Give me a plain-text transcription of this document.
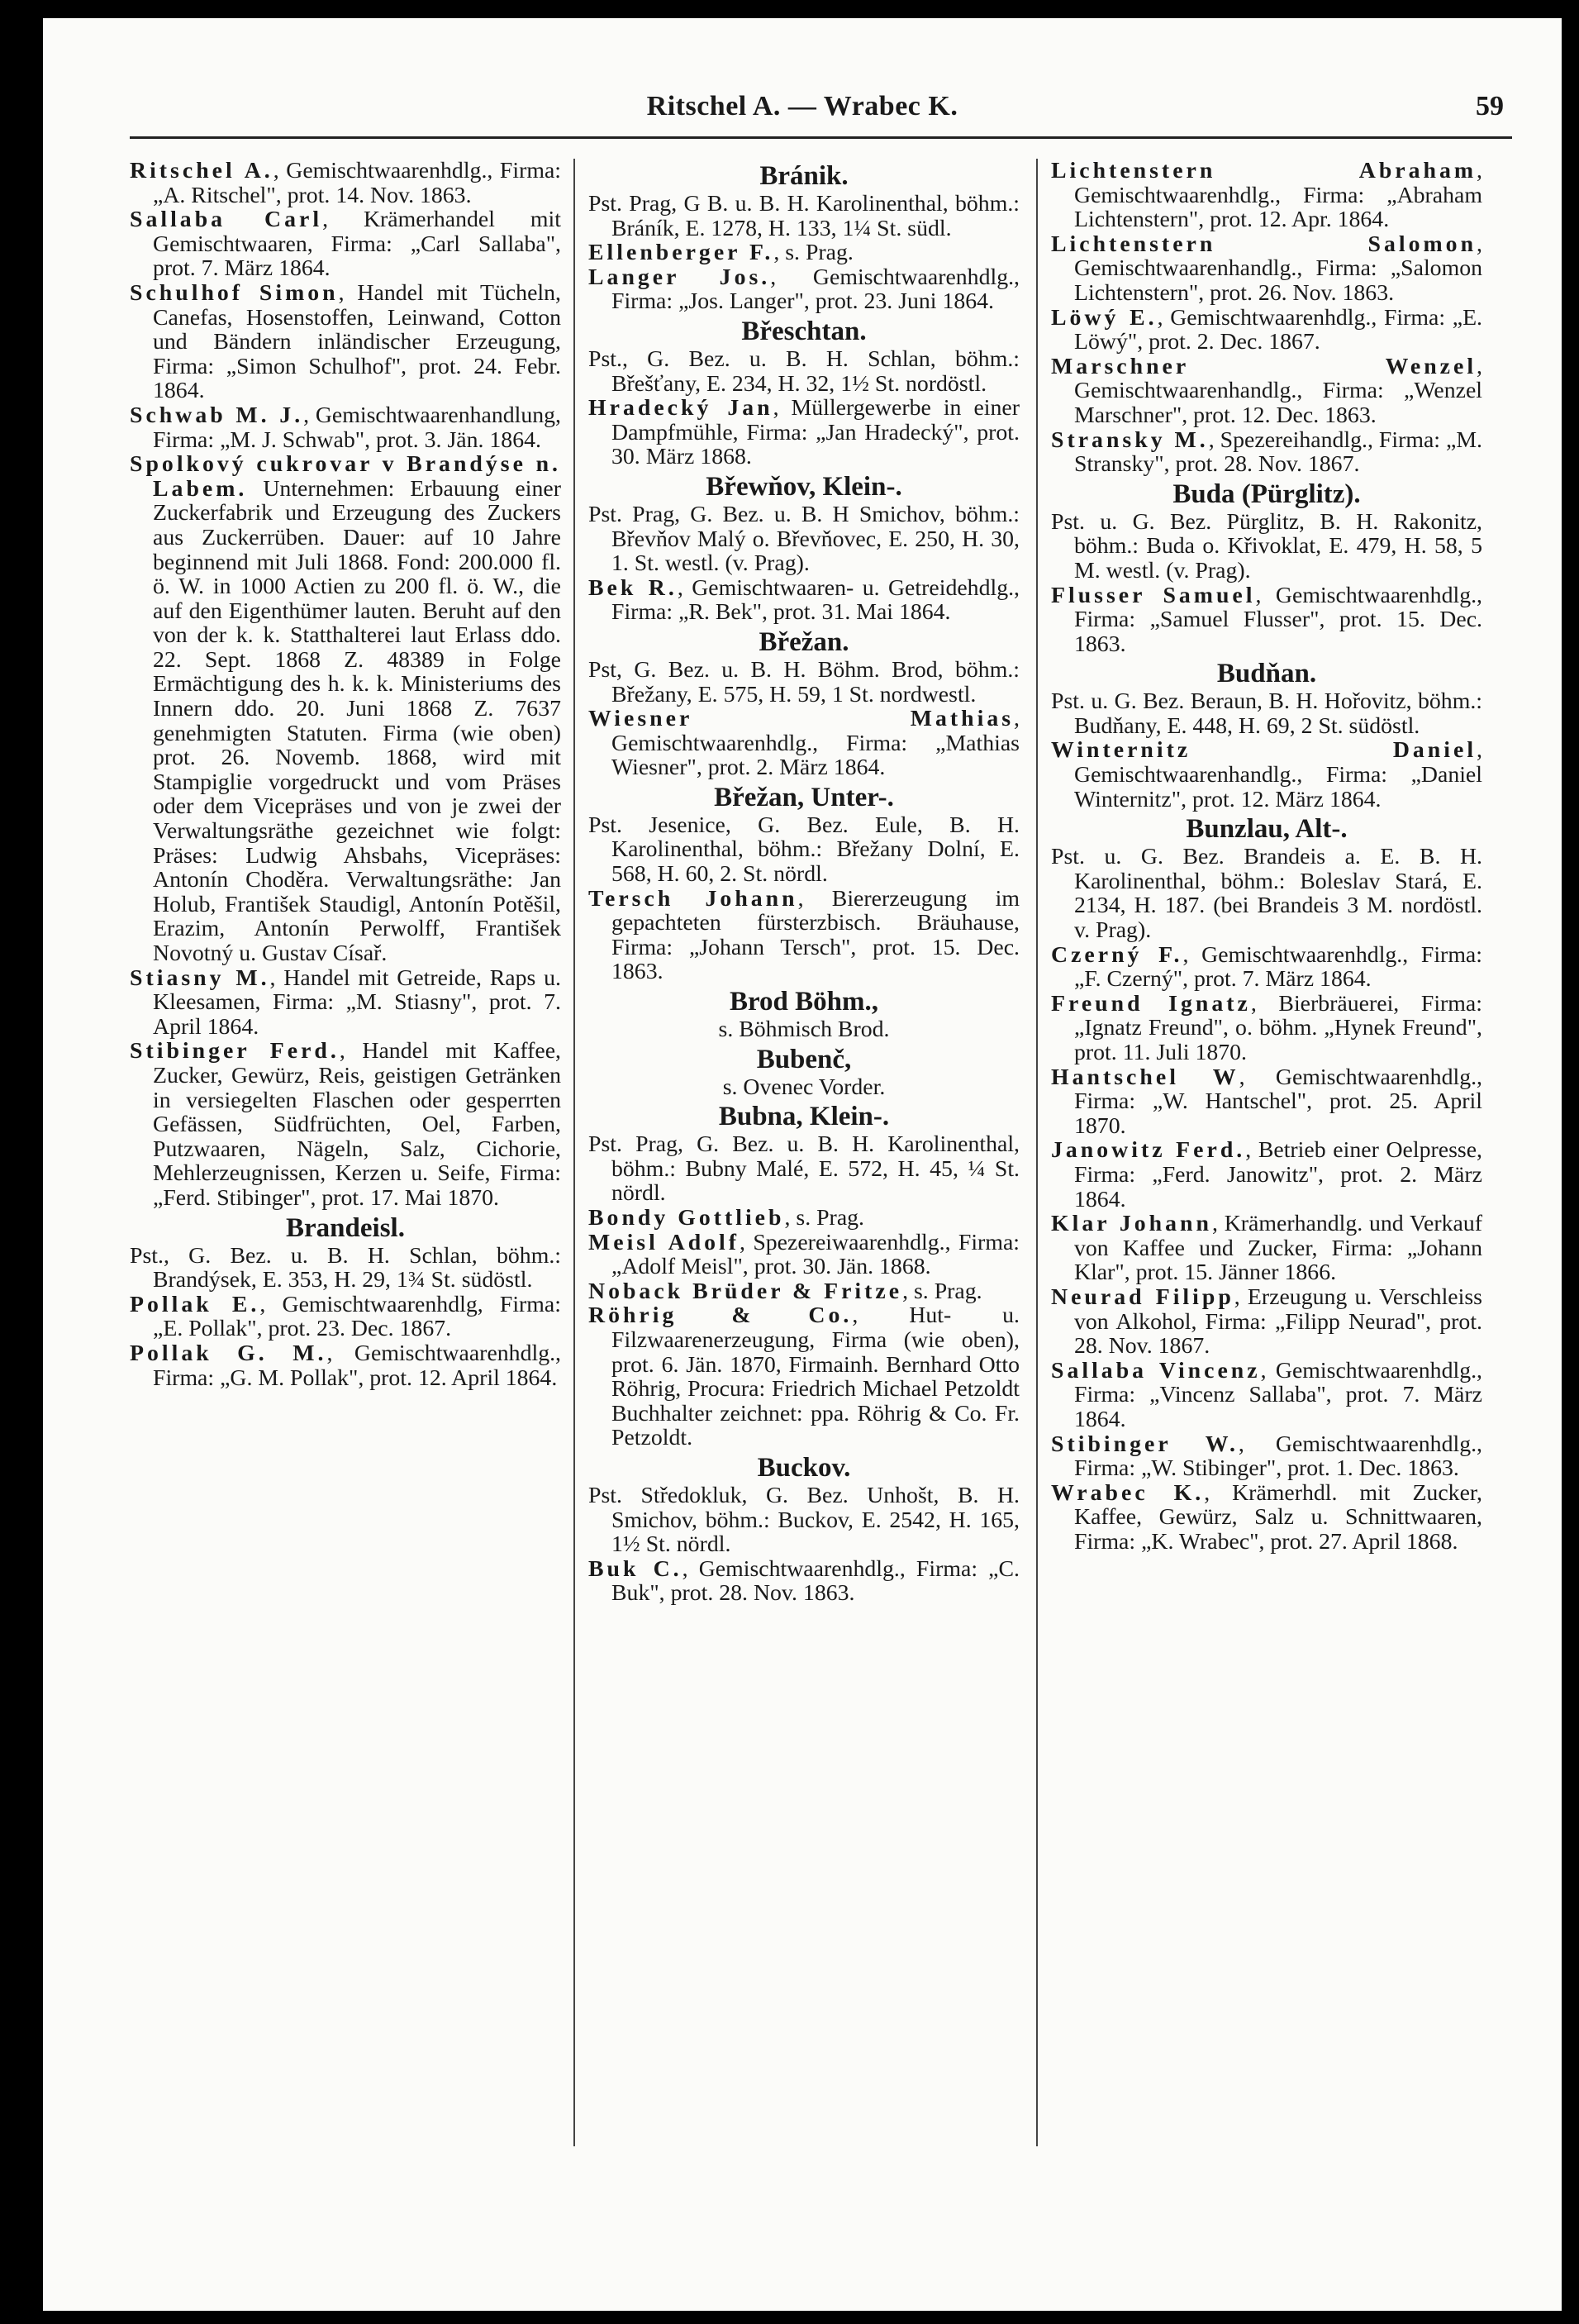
Ritschel A. — Wrabec K.	59

Ritschel A., Gemischtwaarenhdlg., Firma: „A. Ritschel", prot. 14. Nov. 1863.

Sallaba Carl, Krämerhandel mit Gemischtwaaren, Firma: „Carl Sallaba", prot. 7. März 1864.

Schulhof Simon, Handel mit Tücheln, Canefas, Hosenstoffen, Leinwand, Cotton und Bändern inländischer Erzeugung, Firma: „Simon Schulhof", prot. 24. Febr. 1864.

Schwab M. J., Gemischtwaarenhandlung, Firma: „M. J. Schwab", prot. 3. Jän. 1864.

Spolkový cukrovar v Brandýse n. Labem. Unternehmen: Erbauung einer Zuckerfabrik und Erzeugung des Zuckers aus Zuckerrüben. Dauer: auf 10 Jahre beginnend mit Juli 1868. Fond: 200.000 fl. ö. W. in 1000 Actien zu 200 fl. ö. W., die auf den Eigenthümer lauten. Beruht auf den von der k. k. Statthalterei laut Erlass ddo. 22. Sept. 1868 Z. 48389 in Folge Ermächtigung des h. k. k. Ministeriums des Innern ddo. 20. Juni 1868 Z. 7637 genehmigten Statuten. Firma (wie oben) prot. 26. Novemb. 1868, wird mit Stampiglie vorgedruckt und vom Präses oder dem Vicepräses und von je zwei der Verwaltungsräthe gezeichnet wie folgt: Präses: Ludwig Ahsbahs, Vicepräses: Antonín Choděra. Verwaltungsräthe: Jan Holub, František Staudigl, Antonín Potěšil, Erazim, Antonín Perwolff, František Novotný u. Gustav Císař.

Stiasny M., Handel mit Getreide, Raps u. Kleesamen, Firma: „M. Stiasny", prot. 7. April 1864.

Stibinger Ferd., Handel mit Kaffee, Zucker, Gewürz, Reis, geistigen Getränken in versiegelten Flaschen oder gesperrten Gefässen, Südfrüchten, Oel, Farben, Putzwaaren, Nägeln, Salz, Cichorie, Mehlerzeugnissen, Kerzen u. Seife, Firma: „Ferd. Stibinger", prot. 17. Mai 1870.

Brandeisl.

Pst., G. Bez. u. B. H. Schlan, böhm.: Brandýsek, E. 353, H. 29, 1¾ St. südöstl.

Pollak E., Gemischtwaarenhdlg, Firma: „E. Pollak", prot. 23. Dec. 1867.

Pollak G. M., Gemischtwaarenhdlg., Firma: „G. M. Pollak", prot. 12. April 1864.

Bránik.

Pst. Prag, G B. u. B. H. Karolinenthal, böhm.: Bráník, E. 1278, H. 133, 1¼ St. südl.

Ellenberger F., s. Prag.

Langer Jos., Gemischtwaarenhdlg., Firma: „Jos. Langer", prot. 23. Juni 1864.

Břeschtan.

Pst., G. Bez. u. B. H. Schlan, böhm.: Břešťany, E. 234, H. 32, 1½ St. nordöstl.

Hradecký Jan, Müllergewerbe in einer Dampfmühle, Firma: „Jan Hradecký", prot. 30. März 1868.

Břewňov, Klein-.

Pst. Prag, G. Bez. u. B. H Smichov, böhm.: Břevňov Malý o. Břevňovec, E. 250, H. 30, 1. St. westl. (v. Prag).

Bek R., Gemischtwaaren- u. Getreidehdlg., Firma: „R. Bek", prot. 31. Mai 1864.

Břežan.

Pst, G. Bez. u. B. H. Böhm. Brod, böhm.: Břežany, E. 575, H. 59, 1 St. nordwestl.

Wiesner Mathias, Gemischtwaarenhdlg., Firma: „Mathias Wiesner", prot. 2. März 1864.

Břežan, Unter-.

Pst. Jesenice, G. Bez. Eule, B. H. Karolinenthal, böhm.: Břežany Dolní, E. 568, H. 60, 2. St. nördl.

Tersch Johann, Biererzeugung im gepachteten fürsterzbisch. Bräuhause, Firma: „Johann Tersch", prot. 15. Dec. 1863.

Brod Böhm.,

s. Böhmisch Brod.

Bubenč,

s. Ovenec Vorder.

Bubna, Klein-.

Pst. Prag, G. Bez. u. B. H. Karolinenthal, böhm.: Bubny Malé, E. 572, H. 45, ¼ St. nördl.

Bondy Gottlieb, s. Prag.

Meisl Adolf, Spezereiwaarenhdlg., Firma: „Adolf Meisl", prot. 30. Jän. 1868.

Noback Brüder & Fritze, s. Prag.

Röhrig & Co., Hut- u. Filzwaarenerzeugung, Firma (wie oben), prot. 6. Jän. 1870, Firmainh. Bernhard Otto Röhrig, Procura: Friedrich Michael Petzoldt Buchhalter zeichnet: ppa. Röhrig & Co. Fr. Petzoldt.

Buckov.

Pst. Středokluk, G. Bez. Unhošt, B. H. Smichov, böhm.: Buckov, E. 2542, H. 165, 1½ St. nördl.

Buk C., Gemischtwaarenhdlg., Firma: „C. Buk", prot. 28. Nov. 1863.

Lichtenstern Abraham, Gemischtwaarenhdlg., Firma: „Abraham Lichtenstern", prot. 12. Apr. 1864.

Lichtenstern Salomon, Gemischtwaarenhandlg., Firma: „Salomon Lichtenstern", prot. 26. Nov. 1863.

Löwý E., Gemischtwaarenhdlg., Firma: „E. Löwý", prot. 2. Dec. 1867.

Marschner Wenzel, Gemischtwaarenhandlg., Firma: „Wenzel Marschner", prot. 12. Dec. 1863.

Stransky M., Spezereihandlg., Firma: „M. Stransky", prot. 28. Nov. 1867.

Buda (Pürglitz).

Pst. u. G. Bez. Pürglitz, B. H. Rakonitz, böhm.: Buda o. Křivoklat, E. 479, H. 58, 5 M. westl. (v. Prag).

Flusser Samuel, Gemischtwaarenhdlg., Firma: „Samuel Flusser", prot. 15. Dec. 1863.

Budňan.

Pst. u. G. Bez. Beraun, B. H. Hořovitz, böhm.: Budňany, E. 448, H. 69, 2 St. südöstl.

Winternitz Daniel, Gemischtwaarenhandlg., Firma: „Daniel Winternitz", prot. 12. März 1864.

Bunzlau, Alt-.

Pst. u. G. Bez. Brandeis a. E. B. H. Karolinenthal, böhm.: Boleslav Stará, E. 2134, H. 187. (bei Brandeis 3 M. nordöstl. v. Prag).

Czerný F., Gemischtwaarenhdlg., Firma: „F. Czerný", prot. 7. März 1864.

Freund Ignatz, Bierbräuerei, Firma: „Ignatz Freund", o. böhm. „Hynek Freund", prot. 11. Juli 1870.

Hantschel W, Gemischtwaarenhdlg., Firma: „W. Hantschel", prot. 25. April 1870.

Janowitz Ferd., Betrieb einer Oelpresse, Firma: „Ferd. Janowitz", prot. 2. März 1864.

Klar Johann, Krämerhandlg. und Verkauf von Kaffee und Zucker, Firma: „Johann Klar", prot. 15. Jänner 1866.

Neurad Filipp, Erzeugung u. Verschleiss von Alkohol, Firma: „Filipp Neurad", prot. 28. Nov. 1867.

Sallaba Vincenz, Gemischtwaarenhdlg., Firma: „Vincenz Sallaba", prot. 7. März 1864.

Stibinger W., Gemischtwaarenhdlg., Firma: „W. Stibinger", prot. 1. Dec. 1863.

Wrabec K., Krämerhdl. mit Zucker, Kaffee, Gewürz, Salz u. Schnittwaaren, Firma: „K. Wrabec", prot. 27. April 1868.
